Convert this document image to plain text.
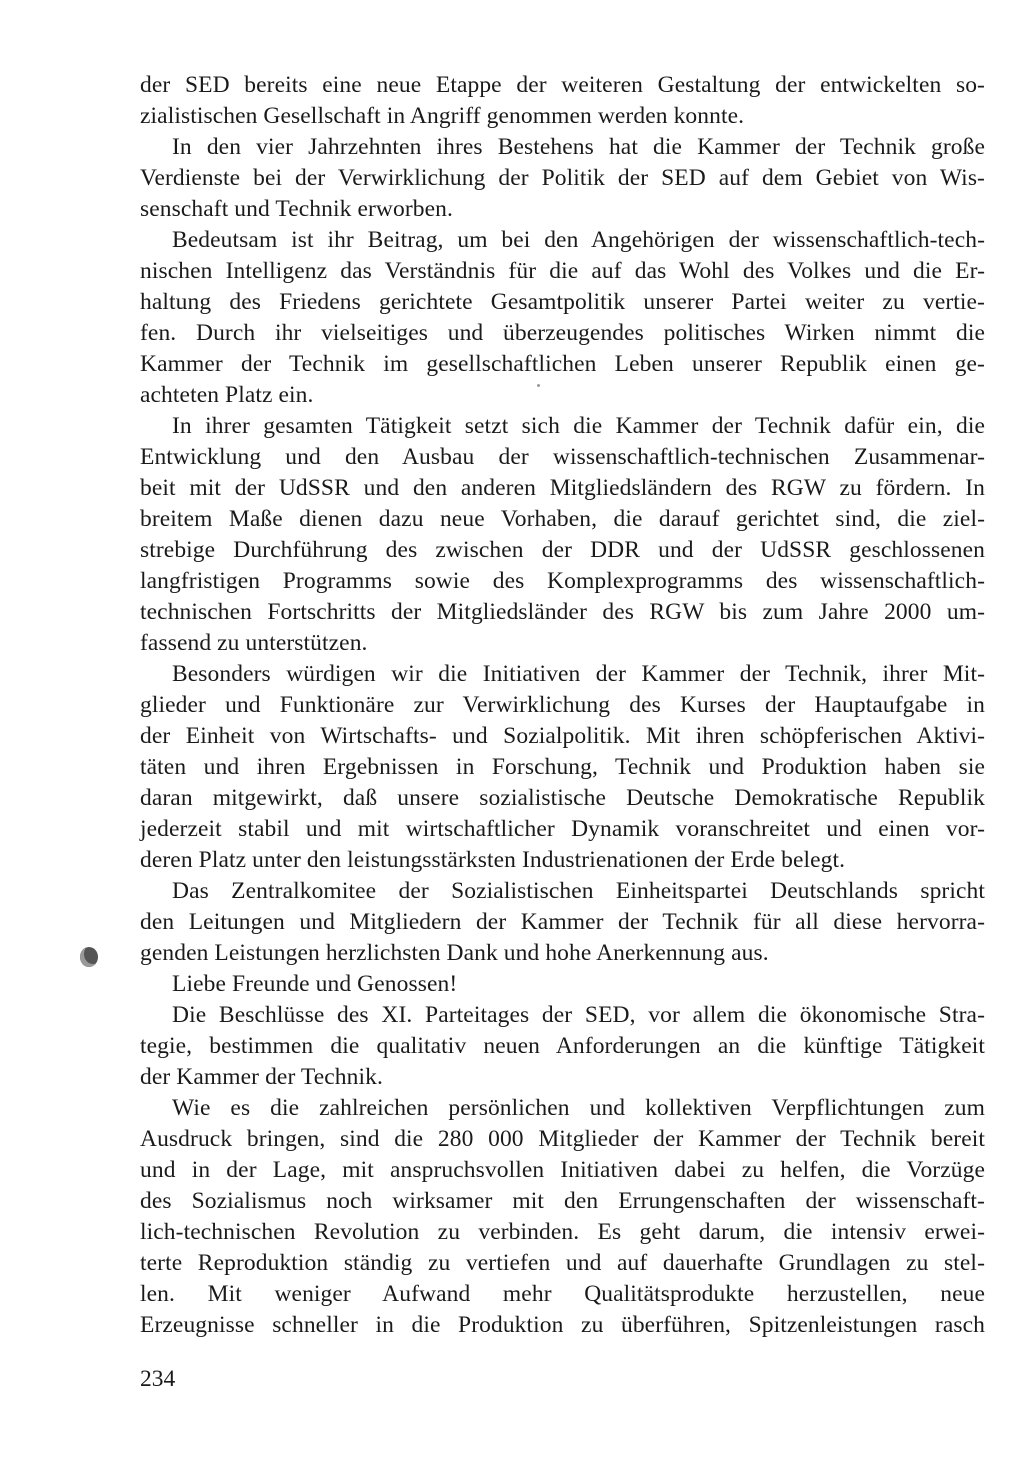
der SED bereits eine neue Etappe der weiteren Gestaltung der entwickelten so-
zialistischen Gesellschaft in Angriff genommen werden konnte.
In den vier Jahrzehnten ihres Bestehens hat die Kammer der Technik große
Verdienste bei der Verwirklichung der Politik der SED auf dem Gebiet von Wis-
senschaft und Technik erworben.
Bedeutsam ist ihr Beitrag, um bei den Angehörigen der wissenschaftlich-tech-
nischen Intelligenz das Verständnis für die auf das Wohl des Volkes und die Er-
haltung des Friedens gerichtete Gesamtpolitik unserer Partei weiter zu vertie-
fen. Durch ihr vielseitiges und überzeugendes politisches Wirken nimmt die
Kammer der Technik im gesellschaftlichen Leben unserer Republik einen ge-
achteten Platz ein.
In ihrer gesamten Tätigkeit setzt sich die Kammer der Technik dafür ein, die
Entwicklung und den Ausbau der wissenschaftlich-technischen Zusammenar-
beit mit der UdSSR und den anderen Mitgliedsländern des RGW zu fördern. In
breitem Maße dienen dazu neue Vorhaben, die darauf gerichtet sind, die ziel-
strebige Durchführung des zwischen der DDR und der UdSSR geschlossenen
langfristigen Programms sowie des Komplexprogramms des wissenschaftlich-
technischen Fortschritts der Mitgliedsländer des RGW bis zum Jahre 2000 um-
fassend zu unterstützen.
Besonders würdigen wir die Initiativen der Kammer der Technik, ihrer Mit-
glieder und Funktionäre zur Verwirklichung des Kurses der Hauptaufgabe in
der Einheit von Wirtschafts- und Sozialpolitik. Mit ihren schöpferischen Aktivi-
täten und ihren Ergebnissen in Forschung, Technik und Produktion haben sie
daran mitgewirkt, daß unsere sozialistische Deutsche Demokratische Republik
jederzeit stabil und mit wirtschaftlicher Dynamik voranschreitet und einen vor-
deren Platz unter den leistungsstärksten Industrienationen der Erde belegt.
Das Zentralkomitee der Sozialistischen Einheitspartei Deutschlands spricht
den Leitungen und Mitgliedern der Kammer der Technik für all diese hervorra-
genden Leistungen herzlichsten Dank und hohe Anerkennung aus.
Liebe Freunde und Genossen!
Die Beschlüsse des XI. Parteitages der SED, vor allem die ökonomische Stra-
tegie, bestimmen die qualitativ neuen Anforderungen an die künftige Tätigkeit
der Kammer der Technik.
Wie es die zahlreichen persönlichen und kollektiven Verpflichtungen zum
Ausdruck bringen, sind die 280 000 Mitglieder der Kammer der Technik bereit
und in der Lage, mit anspruchsvollen Initiativen dabei zu helfen, die Vorzüge
des Sozialismus noch wirksamer mit den Errungenschaften der wissenschaft-
lich-technischen Revolution zu verbinden. Es geht darum, die intensiv erwei-
terte Reproduktion ständig zu vertiefen und auf dauerhafte Grundlagen zu stel-
len. Mit weniger Aufwand mehr Qualitätsprodukte herzustellen, neue
Erzeugnisse schneller in die Produktion zu überführen, Spitzenleistungen rasch
234
